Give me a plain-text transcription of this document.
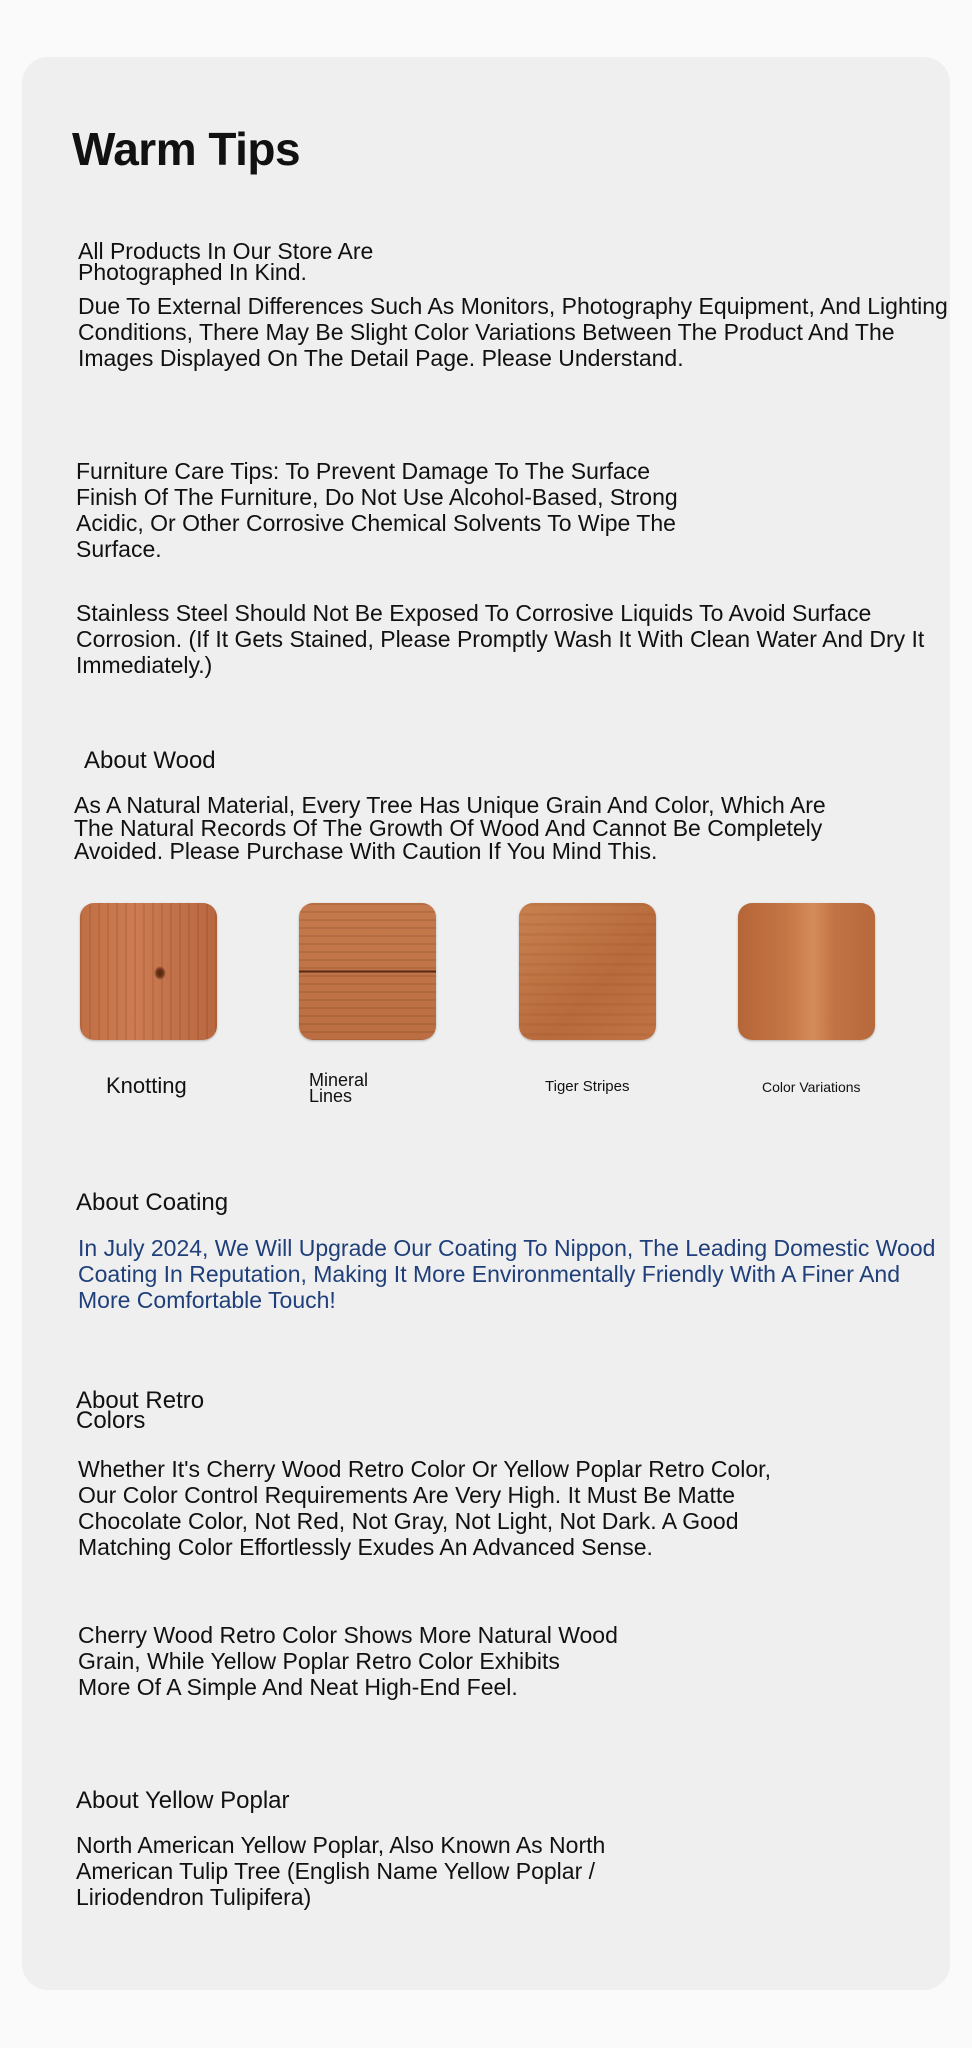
Warm Tips
All Products In Our Store Are
Photographed In Kind.

Due To External Differences Such As Monitors, Photography Equipment, And Lighting Conditions, There May Be Slight Color Variations Between The Product And The Images Displayed On The Detail Page. Please Understand.

Furniture Care Tips: To Prevent Damage To The Surface Finish Of The Furniture, Do Not Use Alcohol-Based, Strong Acidic, Or Other Corrosive Chemical Solvents To Wipe The Surface.

Stainless Steel Should Not Be Exposed To Corrosive Liquids To Avoid Surface Corrosion. (If It Gets Stained, Please Promptly Wash It With Clean Water And Dry It Immediately.)

About Wood

As A Natural Material, Every Tree Has Unique Grain And Color, Which Are The Natural Records Of The Growth Of Wood And Cannot Be Completely Avoided. Please Purchase With Caution If You Mind This.

Knotting	Mineral
Lines	Tiger Stripes	Color Variations
About Coating

In July 2024, We Will Upgrade Our Coating To Nippon, The Leading Domestic Wood Coating In Reputation, Making It More Environmentally Friendly With A Finer And More Comfortable Touch!

About Retro
Colors

Whether It's Cherry Wood Retro Color Or Yellow Poplar Retro Color, Our Color Control Requirements Are Very High. It Must Be Matte Chocolate Color, Not Red, Not Gray, Not Light, Not Dark. A Good Matching Color Effortlessly Exudes An Advanced Sense.

Cherry Wood Retro Color Shows More Natural Wood Grain, While Yellow Poplar Retro Color Exhibits More Of A Simple And Neat High-End Feel.

About Yellow Poplar

North American Yellow Poplar, Also Known As North American Tulip Tree (English Name Yellow Poplar / Liriodendron Tulipifera)
